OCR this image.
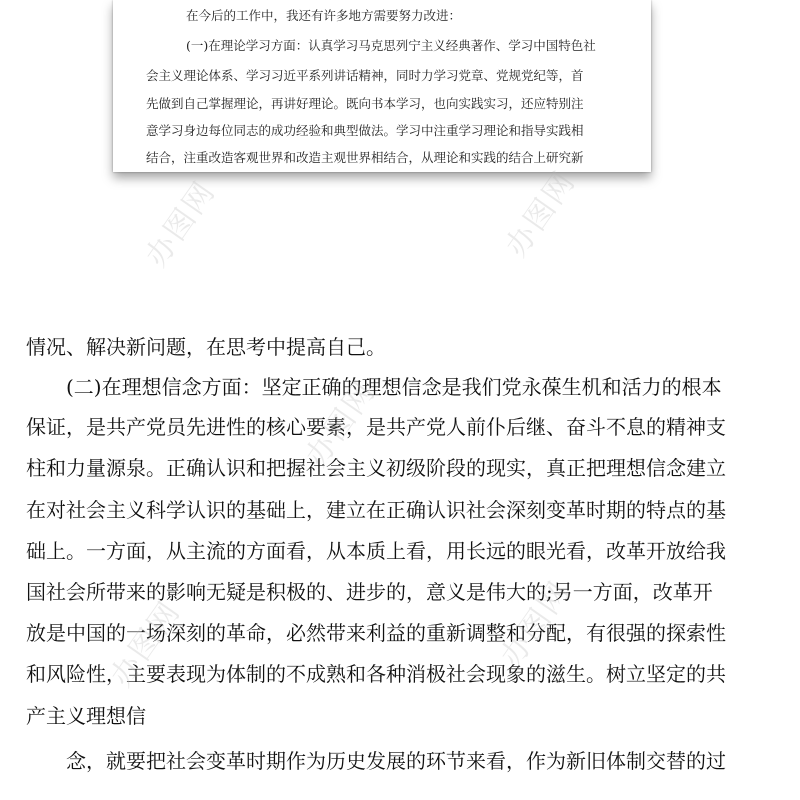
在今后的工作中，我还有许多地方需要努力改进：
(一)在理论学习方面：认真学习马克思列宁主义经典著作、学习中国特色社
会主义理论体系、学习习近平系列讲话精神，同时力学习党章、党规党纪等，首
先做到自己掌握理论，再讲好理论。既向书本学习，也向实践实习，还应特别注
意学习身边每位同志的成功经验和典型做法。学习中注重学习理论和指导实践相
结合，注重改造客观世界和改造主观世界相结合，从理论和实践的结合上研究新
情况、解决新问题，在思考中提高自己。
(二)在理想信念方面：坚定正确的理想信念是我们党永葆生机和活力的根本
保证，是共产党员先进性的核心要素，是共产党人前仆后继、奋斗不息的精神支
柱和力量源泉。正确认识和把握社会主义初级阶段的现实，真正把理想信念建立
在对社会主义科学认识的基础上，建立在正确认识社会深刻变革时期的特点的基
础上。一方面，从主流的方面看，从本质上看，用长远的眼光看，改革开放给我
国社会所带来的影响无疑是积极的、进步的，意义是伟大的;另一方面，改革开
放是中国的一场深刻的革命，必然带来利益的重新调整和分配，有很强的探索性
和风险性，主要表现为体制的不成熟和各种消极社会现象的滋生。树立坚定的共
产主义理想信
念，就要把社会变革时期作为历史发展的环节来看，作为新旧体制交替的过
办图网	办图网
办图网
办图网	办图网
